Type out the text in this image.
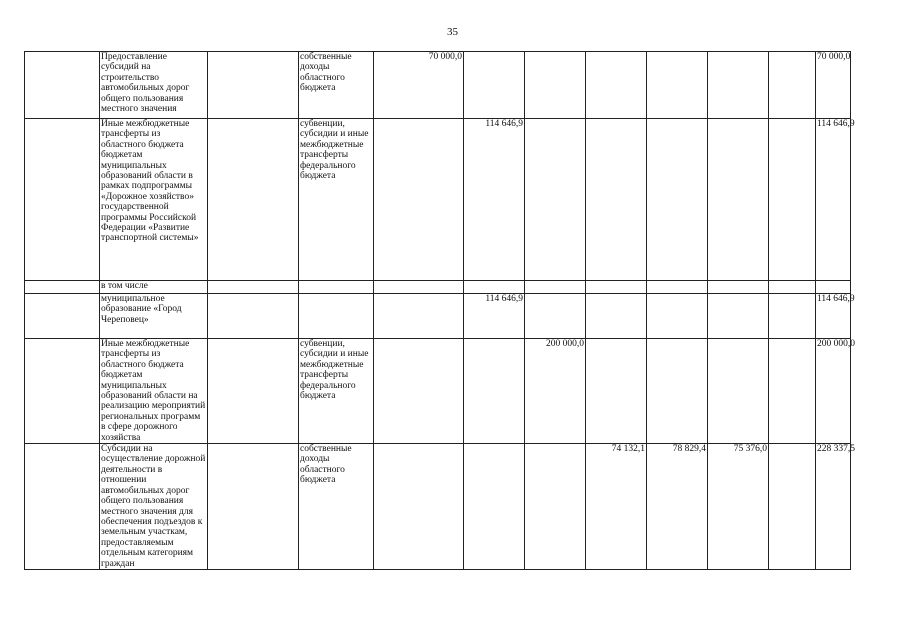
35
	Предоставление субсидий на строительство автомобильных дорог общего пользования местного значения		собственные доходы областного бюджета	70 000,0							70 000,0
	Иные межбюджетные трансферты из областного бюджета бюджетам муниципальных образований области в рамках подпрограммы «Дорожное хозяйство» государственной программы Российской Федерации «Развитие транспортной системы»		субвенции, субсидии и иные межбюджетные трансферты федерального бюджета		114 646,9						114 646,9
	в том числе										
	муниципальное образование «Город Череповец»				114 646,9						114 646,9
	Иные межбюджетные трансферты из областного бюджета бюджетам муниципальных образований области на реализацию мероприятий региональных программ в сфере дорожного хозяйства		субвенции, субсидии и иные межбюджетные трансферты федерального бюджета			200 000,0					200 000,0
	Субсидии на осуществление дорожной деятельности в отношении автомобильных дорог общего пользования местного значения для обеспечения подъездов к земельным участкам, предоставляемым отдельным категориям граждан		собственные доходы областного бюджета				74 132,1	78 829,4	75 376,0		228 337,5
